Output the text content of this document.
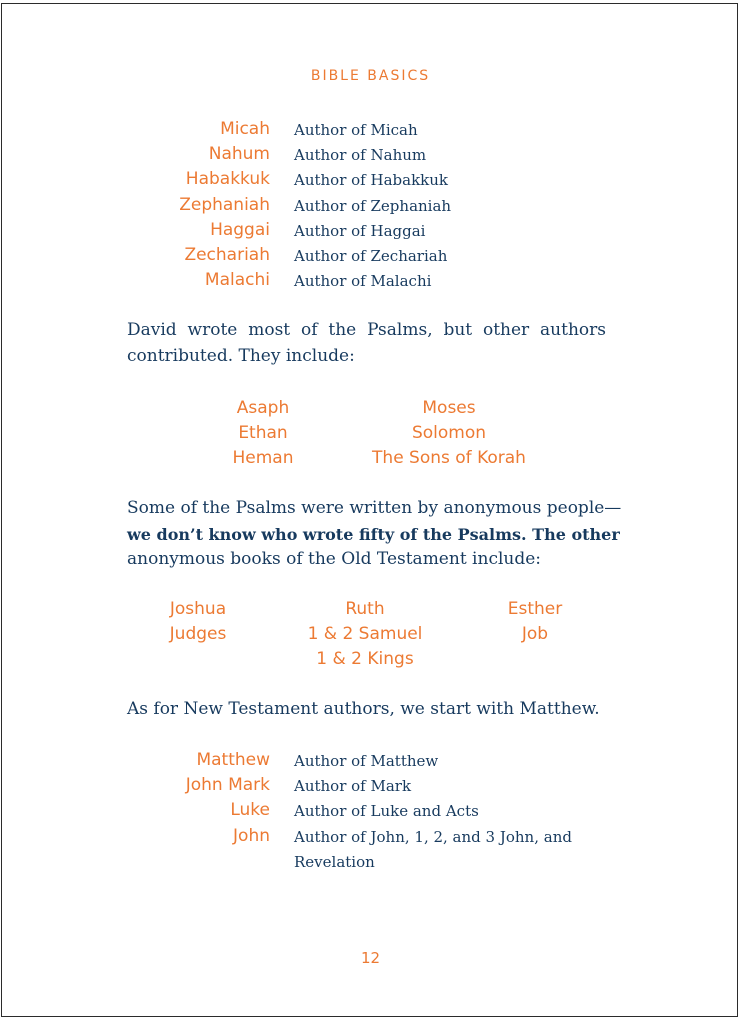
BIBLE BASICS
Micah Author of Micah
Nahum Author of Nahum
Habakkuk Author of Habakkuk
Zephaniah Author of Zephaniah
Haggai Author of Haggai
Zechariah Author of Zechariah
Malachi Author of Malachi
David wrote most of the Psalms, but other authors contributed. They include:
Asaph
Ethan
Heman
Moses
Solomon
The Sons of Korah
Some of the Psalms were written by anonymous people—
we don’t know who wrote fifty of the Psalms. The other
anonymous books of the Old Testament include:
Joshua
Judges
Ruth
1 & 2 Samuel
1 & 2 Kings
Esther
Job
As for New Testament authors, we start with Matthew.
Matthew Author of Matthew
John Mark Author of Mark
Luke Author of Luke and Acts
John Author of John, 1, 2, and 3 John, and
Revelation
12
